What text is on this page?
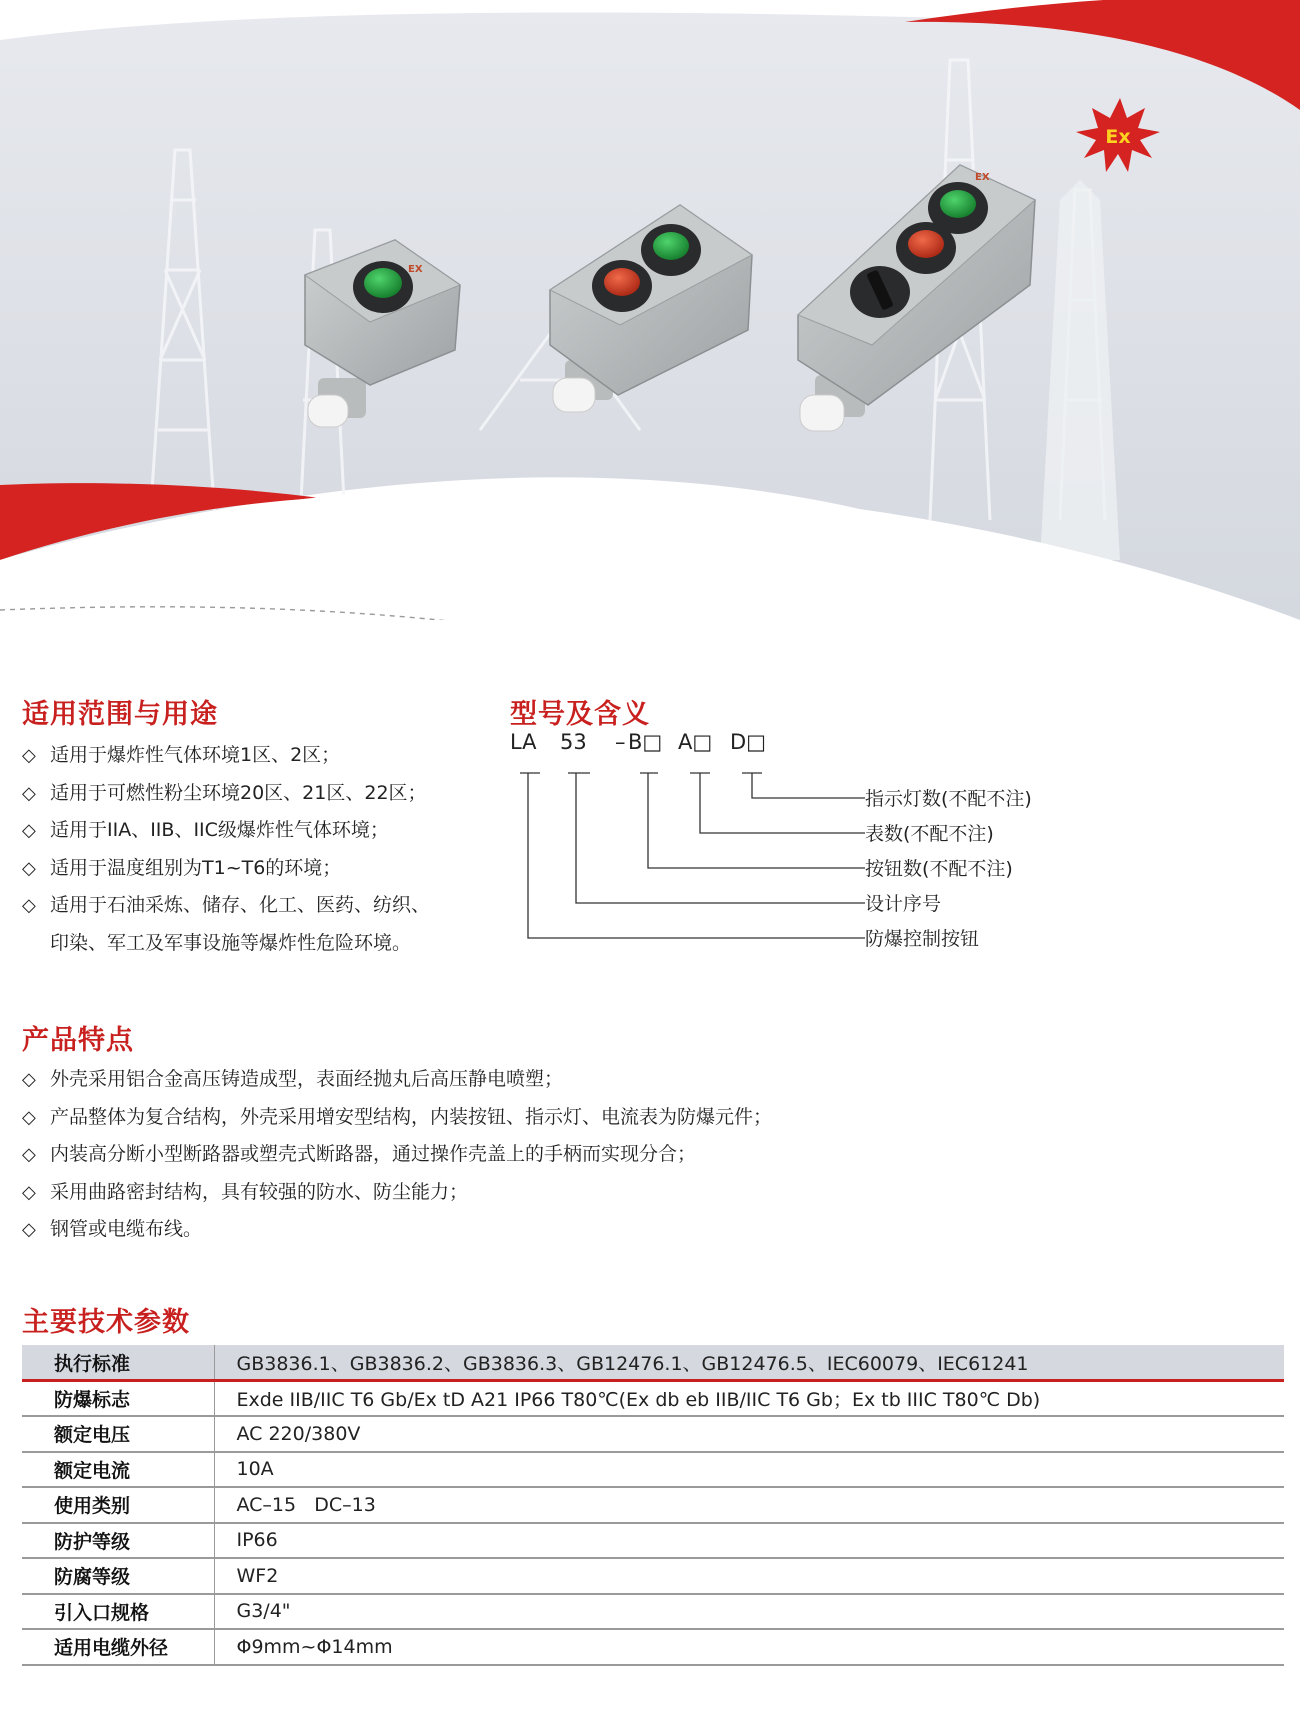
Ex
EX
EX
适用范围与用途
◇ 适用于爆炸性气体环境1区、2区；
◇ 适用于可燃性粉尘环境20区、21区、22区；
◇ 适用于IIA、IIB、IIC级爆炸性气体环境；
◇ 适用于温度组别为T1~T6的环境；
◇ 适用于石油采炼、储存、化工、医药、纺织、
印染、军工及军事设施等爆炸性危险环境。
型号及含义
LA 53 – B□ A□ D□
指示灯数(不配不注)
表数(不配不注)
按钮数(不配不注)
设计序号
防爆控制按钮
产品特点
◇ 外壳采用铝合金高压铸造成型，表面经抛丸后高压静电喷塑；
◇ 产品整体为复合结构，外壳采用增安型结构，内装按钮、指示灯、电流表为防爆元件；
◇ 内装高分断小型断路器或塑壳式断路器，通过操作壳盖上的手柄而实现分合；
◇ 采用曲路密封结构，具有较强的防水、防尘能力；
◇ 钢管或电缆布线。
主要技术参数
执行标准	GB3836.1、GB3836.2、GB3836.3、GB12476.1、GB12476.5、IEC60079、IEC61241
防爆标志	Exde IIB/IIC T6 Gb/Ex tD A21 IP66 T80℃(Ex db eb IIB/IIC T6 Gb；Ex tb IIIC T80℃ Db)
额定电压	AC 220/380V
额定电流	10A
使用类别	AC–15   DC–13
防护等级	IP66
防腐等级	WF2
引入口规格	G3/4"
适用电缆外径	Φ9mm~Φ14mm
